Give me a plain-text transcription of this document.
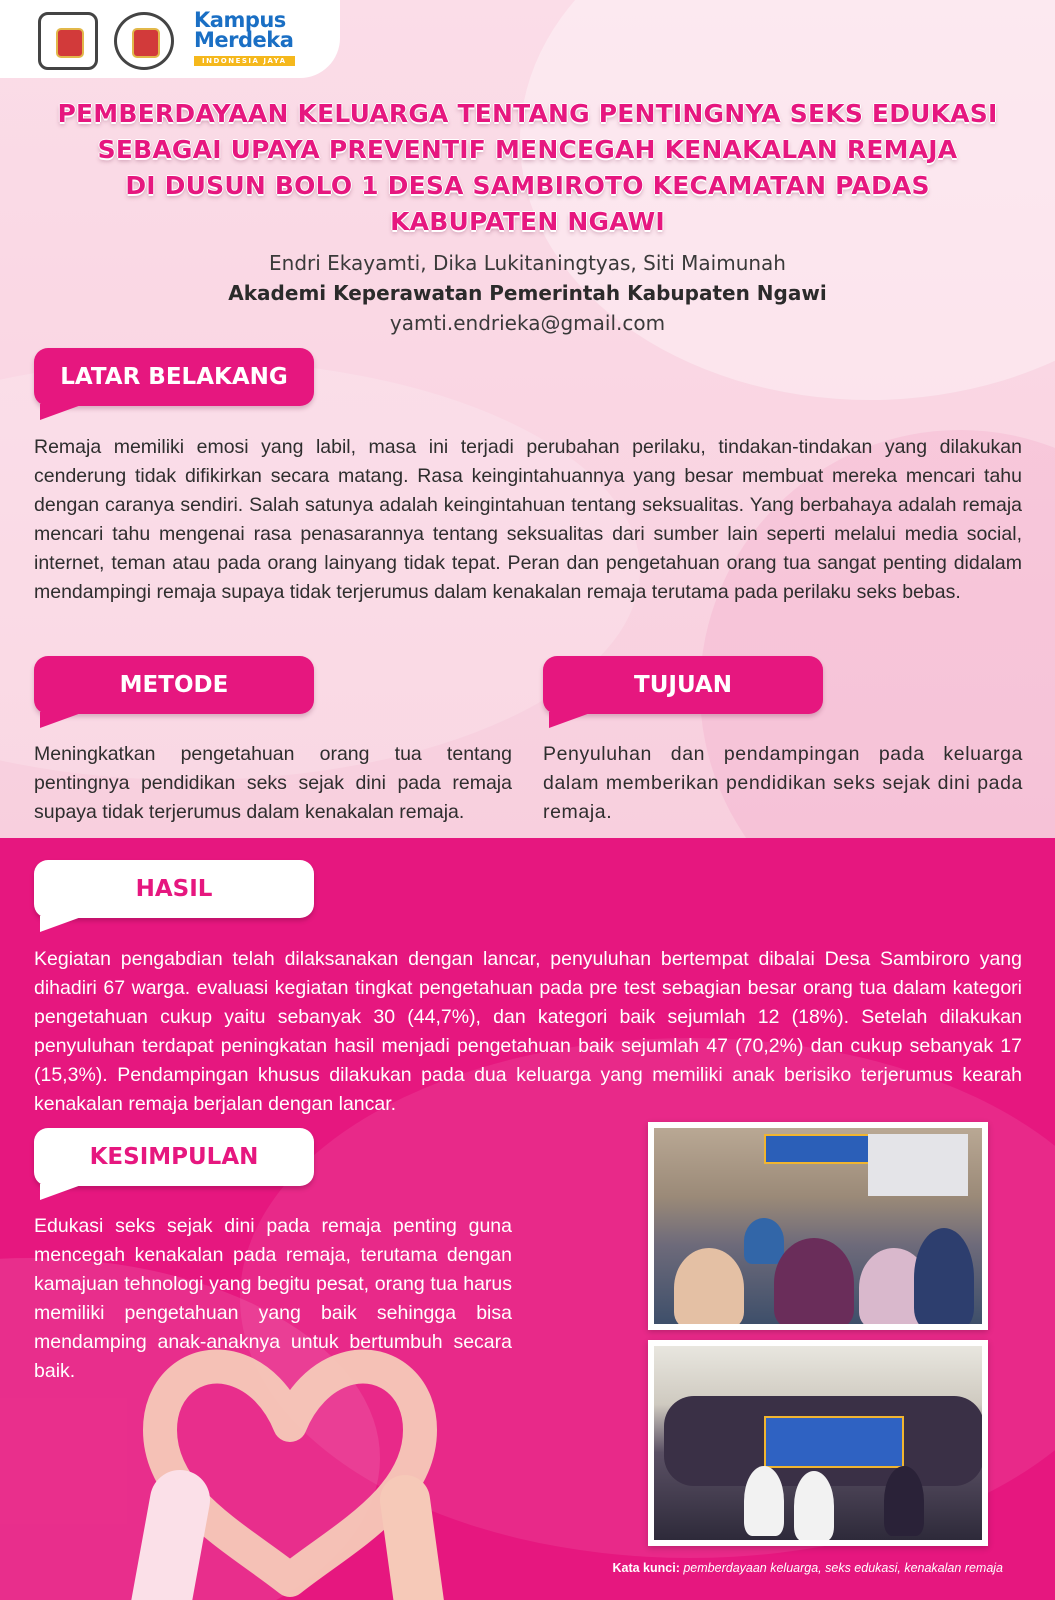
Kampus
Merdeka
INDONESIA JAYA
PEMBERDAYAAN KELUARGA TENTANG PENTINGNYA SEKS EDUKASI
SEBAGAI UPAYA PREVENTIF MENCEGAH KENAKALAN REMAJA
DI DUSUN BOLO 1 DESA SAMBIROTO KECAMATAN PADAS
KABUPATEN NGAWI
Endri Ekayamti, Dika Lukitaningtyas, Siti Maimunah
Akademi Keperawatan Pemerintah Kabupaten Ngawi
yamti.endrieka@gmail.com
LATAR BELAKANG
Remaja memiliki emosi yang labil, masa ini terjadi perubahan perilaku, tindakan-tindakan yang dilakukan cenderung tidak difikirkan secara matang. Rasa keingintahuannya yang besar membuat mereka mencari tahu dengan caranya sendiri. Salah satunya adalah keingintahuan tentang seksualitas. Yang berbahaya adalah remaja mencari tahu mengenai rasa penasarannya tentang seksualitas dari sumber lain seperti melalui media social, internet, teman atau pada orang lainyang tidak tepat. Peran dan pengetahuan orang tua sangat penting didalam mendampingi remaja supaya tidak terjerumus dalam kenakalan remaja terutama pada perilaku seks bebas.
METODE
Meningkatkan pengetahuan orang tua tentang pentingnya pendidikan seks sejak dini pada remaja supaya tidak terjerumus dalam kenakalan remaja.
TUJUAN
Penyuluhan dan pendampingan pada keluarga dalam memberikan pendidikan seks sejak dini pada remaja.
HASIL
Kegiatan pengabdian telah dilaksanakan dengan lancar, penyuluhan bertempat dibalai Desa Sambiroro yang dihadiri 67 warga. evaluasi kegiatan tingkat pengetahuan pada pre test sebagian besar orang tua dalam kategori pengetahuan cukup yaitu sebanyak 30 (44,7%), dan kategori baik sejumlah 12 (18%). Setelah dilakukan penyuluhan terdapat peningkatan hasil menjadi pengetahuan baik sejumlah 47 (70,2%) dan cukup sebanyak 17 (15,3%). Pendampingan khusus dilakukan pada dua keluarga yang memiliki anak berisiko terjerumus kearah kenakalan remaja berjalan dengan lancar.
KESIMPULAN
Edukasi seks sejak dini pada remaja penting guna mencegah kenakalan pada remaja, terutama dengan kamajuan tehnologi yang begitu pesat, orang tua harus memiliki pengetahuan yang baik sehingga bisa mendamping anak-anaknya untuk bertumbuh secara baik.
Kata kunci: pemberdayaan keluarga, seks edukasi, kenakalan remaja
